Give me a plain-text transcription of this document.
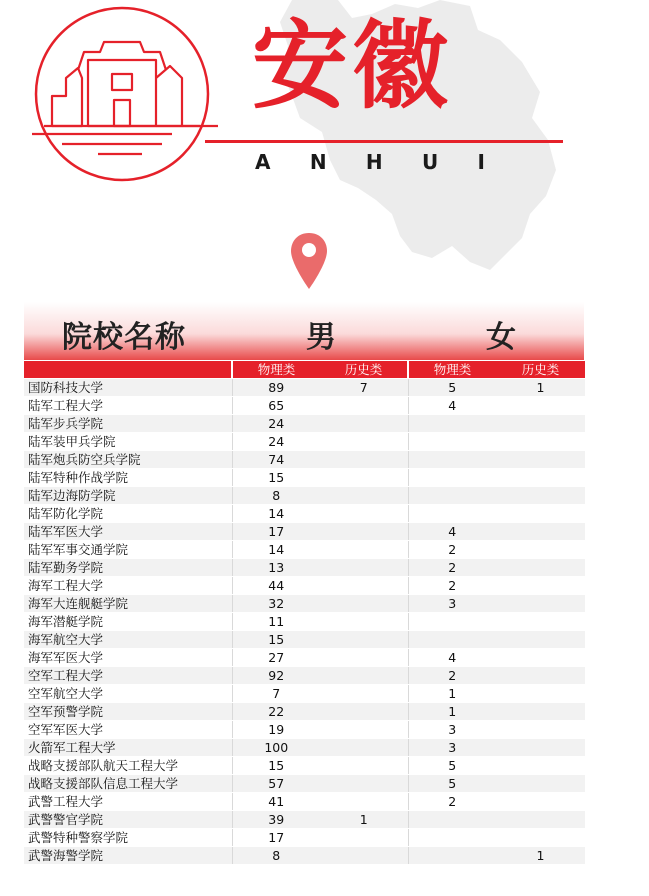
安徽
A N H U I
院校名称	男	女
	物理类	历史类	物理类	历史类
国防科技大学	89	7	5	1
陆军工程大学	65		4	
陆军步兵学院	24			
陆军装甲兵学院	24			
陆军炮兵防空兵学院	74			
陆军特种作战学院	15			
陆军边海防学院	8			
陆军防化学院	14			
陆军军医大学	17		4	
陆军军事交通学院	14		2	
陆军勤务学院	13		2	
海军工程大学	44		2	
海军大连舰艇学院	32		3	
海军潜艇学院	11			
海军航空大学	15			
海军军医大学	27		4	
空军工程大学	92		2	
空军航空大学	7		1	
空军预警学院	22		1	
空军军医大学	19		3	
火箭军工程大学	100		3	
战略支援部队航天工程大学	15		5	
战略支援部队信息工程大学	57		5	
武警工程大学	41		2	
武警警官学院	39	1		
武警特种警察学院	17			
武警海警学院	8			1
